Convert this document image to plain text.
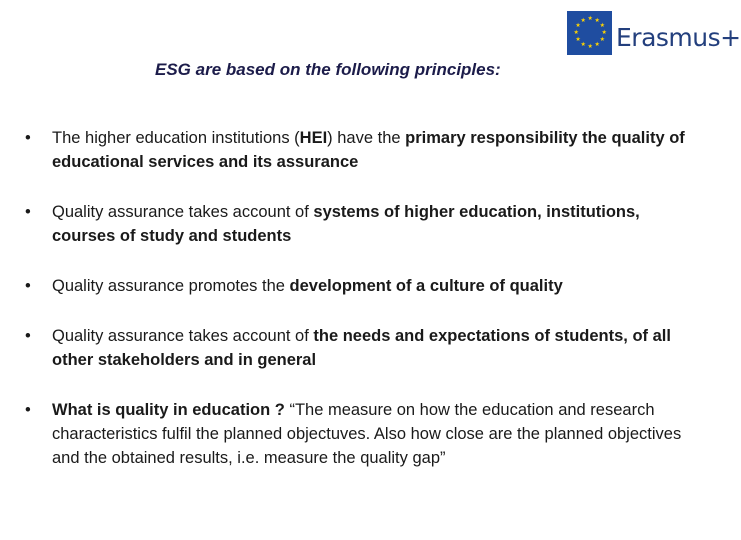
★ ★
★
★
★
★
★
★
★
★
★
★
Erasmus+
ESG are based on the following principles:
• The higher education institutions (HEI) have the primary responsibility the quality of educational services and its assurance
• Quality assurance takes account of systems of higher education, institutions, courses of study and students
• Quality assurance promotes the development of a culture of quality
• Quality assurance takes account of the needs and expectations of students, of all other stakeholders and in general
• What is quality in education ? “The measure on how the education and research characteristics fulfil the planned objectuves. Also how close are the planned objectives and the obtained results, i.e. measure the quality gap”
